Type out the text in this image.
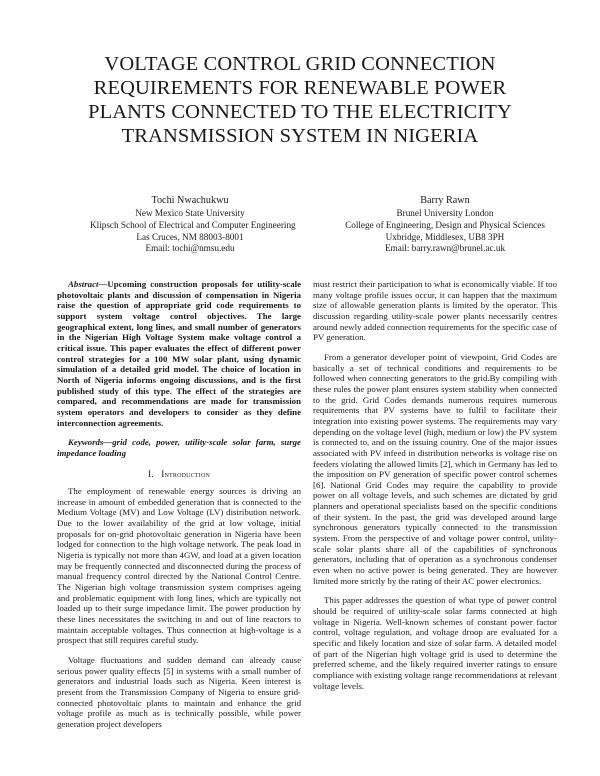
VOLTAGE CONTROL GRID CONNECTION
REQUIREMENTS FOR RENEWABLE POWER
PLANTS CONNECTED TO THE ELECTRICITY
TRANSMISSION SYSTEM IN NIGERIA
Tochi Nwachukwu
New Mexico State University
Klipsch School of Electrical and Computer Engineering
Las Cruces, NM 88003-8001
Email: tochi@nmsu.edu
Barry Rawn
Brunel University London
College of Engineering, Design and Physical Sciences
Uxbridge, Middlesex, UB8 3PH
Email: barry.rawn@brunel.ac.uk

Abstract—Upcoming construction proposals for utility-scale photovoltaic plants and discussion of compensation in Nigeria raise the question of appropriate grid code requirements to support system voltage control objectives. The large geographical extent, long lines, and small number of generators in the Nigerian High Voltage System make voltage control a critical issue. This paper evaluates the effect of different power control strategies for a 100 MW solar plant, using dynamic simulation of a detailed grid model. The choice of location in North of Nigeria informs ongoing discussions, and is the first published study of this type. The effect of the strategies are compared, and recommendations are made for transmission system operators and developers to consider as they define interconnection agreements.

Keywords—grid code, power, utility-scale solar farm, surge impedance loading

I. Introduction

The employment of renewable energy sources is driving an increase in amount of embedded generation that is connected to the Medium Voltage (MV) and Low Voltage (LV) distribution network. Due to the lower availability of the grid at low voltage, initial proposals for on-grid photovoltaic generation in Nigeria have been lodged for connection to the high voltage network. The peak load in Nigeria is typically not more than 4GW, and load at a given location may be frequently connected and disconnected during the process of manual frequency control directed by the National Control Centre. The Nigerian high voltage transmission system comprises ageing and problematic equipment with long lines, which are typically not loaded up to their surge impedance limit. The power production by these lines necessitates the switching in and out of line reactors to maintain acceptable voltages. Thus connection at high-voltage is a prospect that still requires careful study.

Voltage fluctuations and sudden demand can already cause serious power quality effects [5] in systems with a small number of generators and industrial loads such as Nigeria. Keen interest is present from the Transmission Company of Nigeria to ensure grid-connected photovoltaic plants to maintain and enhance the grid voltage profile as much as is technically possible, while power generation project developers

must restrict their participation to what is economically viable. If too many voltage profile issues occur, it can happen that the maximum size of allowable generation plants is limited by the operator. This discussion regarding utility-scale power plants necessarily centres around newly added connection requirements for the specific case of PV generation.

From a generator developer point of viewpoint, Grid Codes are basically a set of technical conditions and requirements to be followed when connecting generators to the grid.By compiling with these rules the power plant ensures system stability when connected to the grid. Grid Codes demands numerous requires numerous requirements that PV systems have to fulfil to facilitate their integration into existing power systems. The requirements may vary depending on the voltage level (high, medium or low) the PV system is connected to, and on the issuing country. One of the major issues associated with PV infeed in distribution networks is voltage rise on feeders violating the allowed limits [2], which in Germany has led to the imposition on PV generation of specific power control schemes [6]. National Grid Codes may require the capability to provide power on all voltage levels, and such schemes are dictated by grid planners and operational specialists based on the specific conditions of their system. In the past, the grid was developed around large synchronous generators typically connected to the transmission system. From the perspective of and voltage power control, utility-scale solar plants share all of the capabilities of synchronous generators, including that of operation as a synchronous condenser even when no active power is being generated. They are however limited more strictly by the rating of their AC power electronics.

This paper addresses the question of what type of power control should be required of utility-scale solar farms connected at high voltage in Nigeria. Well-known schemes of constant power factor control, voltage regulation, and voltage droop are evaluated for a specific and likely location and size of solar farm. A detailed model of part of the Nigerian high voltage grid is used to determine the preferred scheme, and the likely required inverter ratings to ensure compliance with existing voltage range recommendations at relevant voltage levels.
